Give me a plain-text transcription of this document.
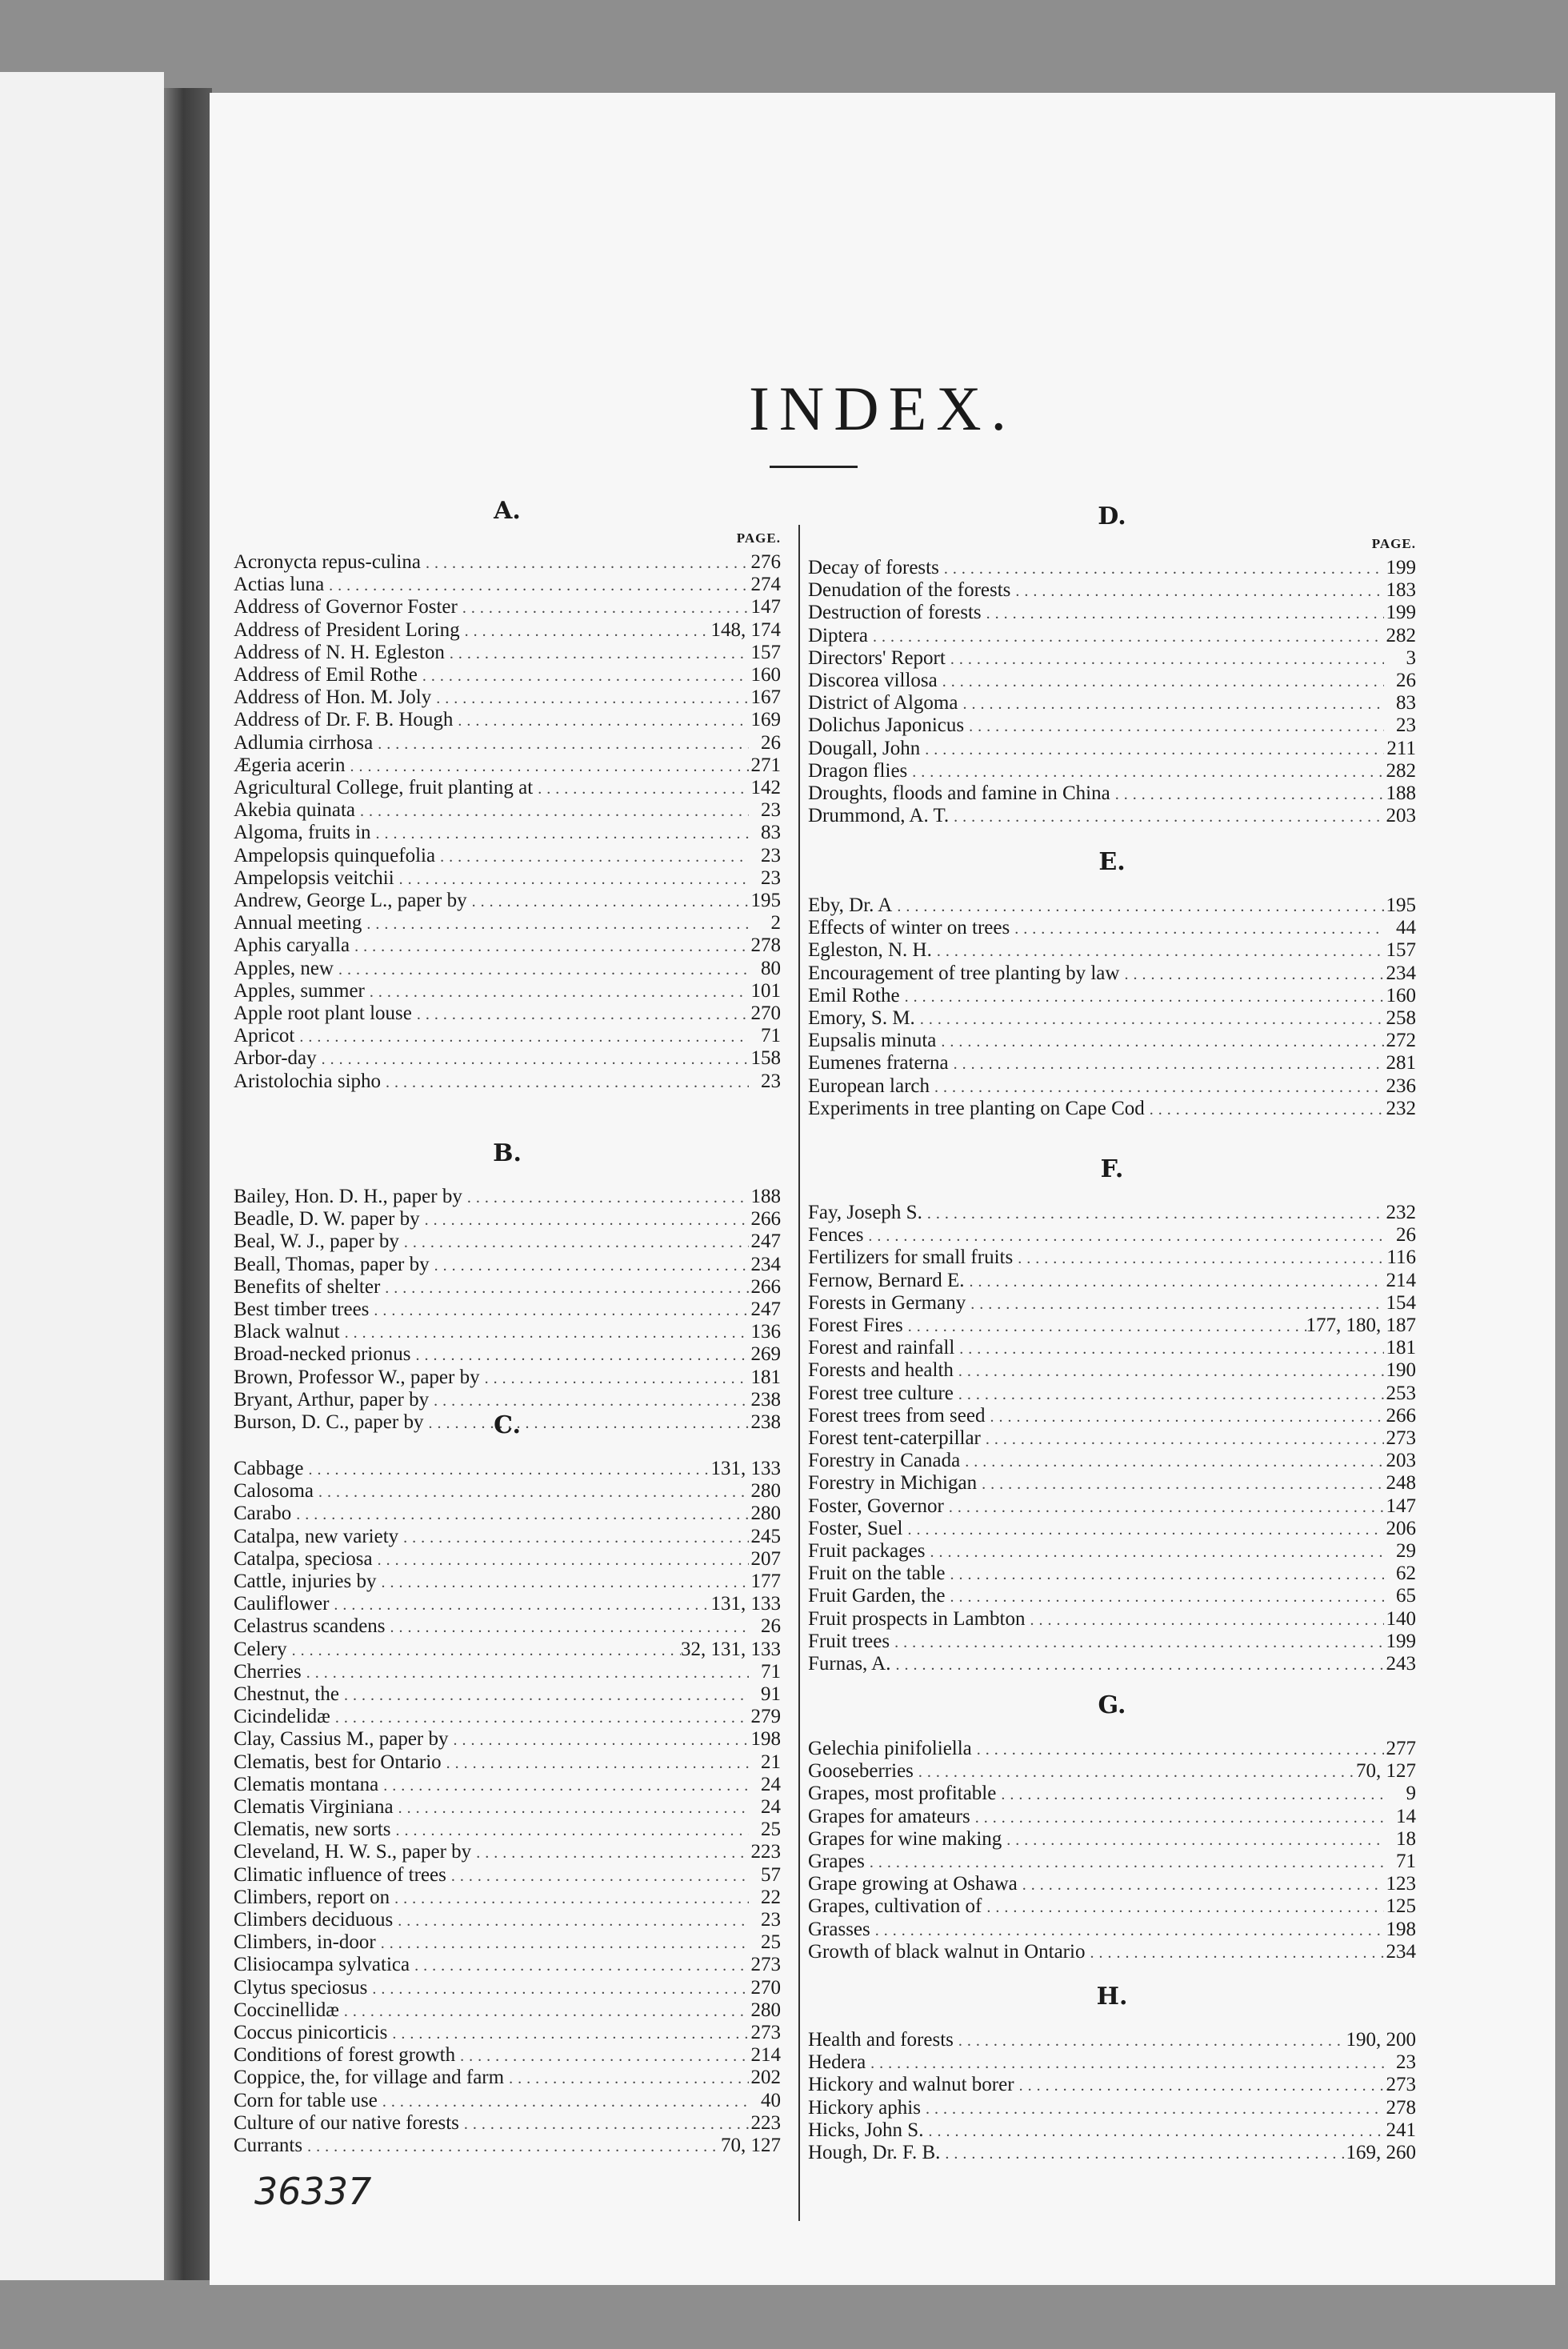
INDEX.
A.
PAGE.
Acronycta repus-culina .....	276
Actias luna .....	274
Address of Governor Foster .....	147
Address of President Loring .....	148, 174
Address of N. H. Egleston .....	157
Address of Emil Rothe .....	160
Address of Hon. M. Joly .....	167
Address of Dr. F. B. Hough .....	169
Adlumia cirrhosa .....	26
Ægeria acerin .....	271
Agricultural College, fruit planting at .....	142
Akebia quinata .....	23
Algoma, fruits in .....	83
Ampelopsis quinquefolia .....	23
Ampelopsis veitchii .....	23
Andrew, George L., paper by .....	195
Annual meeting .....	2
Aphis caryalla .....	278
Apples, new .....	80
Apples, summer .....	101
Apple root plant louse .....	270
Apricot .....	71
Arbor-day .....	158
Aristolochia sipho .....	23
B.
Bailey, Hon. D. H., paper by .....	188
Beadle, D. W. paper by .....	266
Beal, W. J., paper by .....	247
Beall, Thomas, paper by .....	234
Benefits of shelter .....	266
Best timber trees .....	247
Black walnut .....	136
Broad-necked prionus .....	269
Brown, Professor W., paper by .....	181
Bryant, Arthur, paper by .....	238
Burson, D. C., paper by .....	238
C.
Cabbage .....	131, 133
Calosoma .....	280
Carabo .....	280
Catalpa, new variety .....	245
Catalpa, speciosa .....	207
Cattle, injuries by .....	177
Cauliflower .....	131, 133
Celastrus scandens .....	26
Celery .....	32, 131, 133
Cherries .....	71
Chestnut, the .....	91
Cicindelidæ .....	279
Clay, Cassius M., paper by .....	198
Clematis, best for Ontario .....	21
Clematis montana .....	24
Clematis Virginiana .....	24
Clematis, new sorts .....	25
Cleveland, H. W. S., paper by .....	223
Climatic influence of trees .....	57
Climbers, report on .....	22
Climbers deciduous .....	23
Climbers, in-door .....	25
Clisiocampa sylvatica .....	273
Clytus speciosus .....	270
Coccinellidæ .....	280
Coccus pinicorticis .....	273
Conditions of forest growth .....	214
Coppice, the, for village and farm .....	202
Corn for table use .....	40
Culture of our native forests .....	223
Currants .....	70, 127
D.
PAGE.
Decay of forests .....	199
Denudation of the forests .....	183
Destruction of forests .....	199
Diptera .....	282
Directors' Report .....	3
Discorea villosa .....	26
District of Algoma .....	83
Dolichus Japonicus .....	23
Dougall, John .....	211
Dragon flies .....	282
Droughts, floods and famine in China .....	188
Drummond, A. T. .....	203
E.
Eby, Dr. A .....	195
Effects of winter on trees .....	44
Egleston, N. H. .....	157
Encouragement of tree planting by law .....	234
Emil Rothe .....	160
Emory, S. M. .....	258
Eupsalis minuta .....	272
Eumenes fraterna .....	281
European larch .....	236
Experiments in tree planting on Cape Cod .....	232
F.
Fay, Joseph S. .....	232
Fences .....	26
Fertilizers for small fruits .....	116
Fernow, Bernard E. .....	214
Forests in Germany .....	154
Forest Fires .....	177, 180, 187
Forest and rainfall .....	181
Forests and health .....	190
Forest tree culture .....	253
Forest trees from seed .....	266
Forest tent-caterpillar .....	273
Forestry in Canada .....	203
Forestry in Michigan .....	248
Foster, Governor .....	147
Foster, Suel .....	206
Fruit packages .....	29
Fruit on the table .....	62
Fruit Garden, the .....	65
Fruit prospects in Lambton .....	140
Fruit trees .....	199
Furnas, A. .....	243
G.
Gelechia pinifoliella .....	277
Gooseberries .....	70, 127
Grapes, most profitable .....	9
Grapes for amateurs .....	14
Grapes for wine making .....	18
Grapes .....	71
Grape growing at Oshawa .....	123
Grapes, cultivation of .....	125
Grasses .....	198
Growth of black walnut in Ontario .....	234
H.
Health and forests .....	190, 200
Hedera .....	23
Hickory and walnut borer .....	273
Hickory aphis .....	278
Hicks, John S. .....	241
Hough, Dr. F. B. .....	169, 260
36337
